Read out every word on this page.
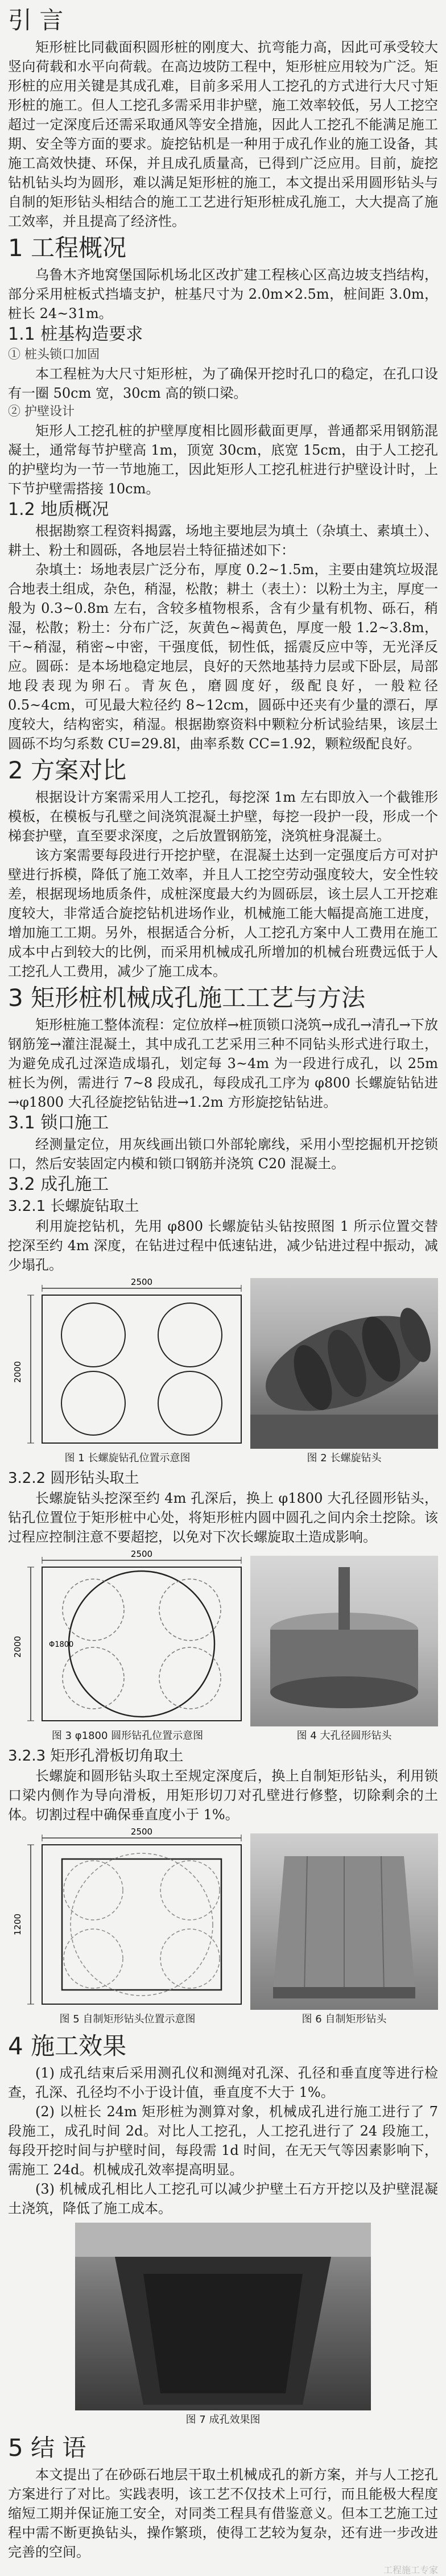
引 言

矩形桩比同截面积圆形桩的刚度大、抗弯能力高，因此可承受较大竖向荷载和水平向荷载。在高边坡防工程中，矩形桩应用较为广泛。矩形桩的应用关键是其成孔难，目前多采用人工挖孔的方式进行大尺寸矩形桩的施工。但人工挖孔多需采用非护壁，施工效率较低，另人工挖空超过一定深度后还需采取通风等安全措施，因此人工挖孔不能满足施工期、安全等方面的要求。旋挖钻机是一种用于成孔作业的施工设备，其施工高效快捷、环保，并且成孔质量高，已得到广泛应用。目前，旋挖钻机钻头均为圆形，难以满足矩形桩的施工，本文提出采用圆形钻头与自制的矩形钻头相结合的施工工艺进行矩形桩成孔施工，大大提高了施工效率，并且提高了经济性。

1 工程概况

乌鲁木齐地窝堡国际机场北区改扩建工程核心区高边坡支挡结构，部分采用桩板式挡墙支护，桩基尺寸为 2.0m×2.5m，桩间距 3.0m，桩长 24~31m。

1.1 桩基构造要求
① 桩头锁口加固

本工程桩为大尺寸矩形桩，为了确保开挖时孔口的稳定，在孔口设有一圈 50cm 宽，30cm 高的锁口梁。

② 护壁设计

矩形人工挖孔桩的护壁厚度相比圆形截面更厚，普通都采用钢筋混凝土，通常每节护壁高 1m，顶宽 30cm，底宽 15cm，由于人工挖孔的护壁均为一节一节地施工，因此矩形人工挖孔桩进行护壁设计时，上下节护壁需搭接 10cm。

1.2 地质概况

根据勘察工程资料揭露，场地主要地层为填土（杂填土、素填土）、耕土、粉土和圆砾，各地层岩土特征描述如下：

杂填土：场地表层广泛分布，厚度 0.2~1.5m，主要由建筑垃圾混合地表土组成，杂色，稍湿，松散；耕土（表土）：以粉土为主，厚度一般为 0.3~0.8m 左右，含较多植物根系，含有少量有机物、砾石，稍湿，松散；粉土：分布广泛，灰黄色~褐黄色，厚度一般 1.2~3.8m，干~稍湿，稍密~中密，干强度低，韧性低，摇震反应中等，无光泽反应。圆砾：是本场地稳定地层，良好的天然地基持力层或下卧层，局部地段表现为卵石。青灰色，磨圆度好，级配良好，一般粒径 0.5~4cm，可见最大粒径约 8~12cm，圆砾中还夹有少量的漂石，厚度较大，结构密实，稍湿。根据勘察资料中颗粒分析试验结果，该层土圆砾不均匀系数 CU=29.8l，曲率系数 CC=1.92，颗粒级配良好。

2 方案对比

根据设计方案需采用人工挖孔，每挖深 1m 左右即放入一个截锥形模板，在模板与孔壁之间浇筑混凝土护壁，每挖一段护一段，形成一个梯套护壁，直至要求深度，之后放置钢筋笼，浇筑桩身混凝土。

该方案需要每段进行开挖护壁，在混凝土达到一定强度后方可对护壁进行拆模，降低了施工效率，并且人工挖空劳动强度较大，安全性较差，根据现场地质条件，成桩深度最大约为圆砾层，该土层人工开挖难度较大，非常适合旋挖钻机进场作业，机械施工能大幅提高施工进度，增加施工工期。另外，根据适合分析，人工挖孔方案中人工费用在施工成本中占到较大的比例，而采用机械成孔所增加的机械台班费远低于人工挖孔人工费用，减少了施工成本。

3 矩形桩机械成孔施工工艺与方法

矩形桩施工整体流程：定位放样→桩顶锁口浇筑→成孔→清孔→下放钢筋笼→灌注混凝土，其中成孔工艺采用三种不同钻头形式进行取土，为避免成孔过深造成塌孔，划定每 3~4m 为一段进行成孔，以 25m 桩长为例，需进行 7~8 段成孔，每段成孔工序为 φ800 长螺旋钻钻进→φ1800 大孔径旋挖钻钻进→1.2m 方形旋挖钻钻进。

3.1 锁口施工

经测量定位，用灰线画出锁口外部轮廓线，采用小型挖掘机开挖锁口，然后安装固定内模和锁口钢筋并浇筑 C20 混凝土。

3.2 成孔施工
3.2.1 长螺旋钻取土

利用旋挖钻机，先用 φ800 长螺旋钻头钻按照图 1 所示位置交替挖深至约 4m 深度，在钻进过程中低速钻进，减少钻进过程中振动，减少塌孔。

2500
2000
图 1 长螺旋钻孔位置示意图	图 2 长螺旋钻头
3.2.2 圆形钻头取土

长螺旋钻头挖深至约 4m 孔深后，换上 φ1800 大孔径圆形钻头，钻孔位置位于矩形桩中心处，将矩形桩内圆中圆孔之间内余土挖除。该过程应控制注意不要超挖，以免对下次长螺旋取土造成影响。

2500
2000	Φ1800
图 3 φ1800 圆形钻孔位置示意图	图 4 大孔径圆形钻头
3.2.3 矩形孔滑板切角取土

长螺旋和圆形钻头取土至规定深度后，换上自制矩形钻头，利用锁口梁内侧作为导向滑板，用矩形切刀对孔壁进行修整，切除剩余的土体。切割过程中确保垂直度小于 1%。

2500
1200
图 5 自制矩形钻头位置示意图	图 6 自制矩形钻头
4 施工效果

(1) 成孔结束后采用测孔仪和测绳对孔深、孔径和垂直度等进行检查，孔深、孔径均不小于设计值，垂直度不大于 1%。

(2) 以桩长 24m 矩形桩为测算对象，机械成孔进行施工进行了 7 段施工，成孔时间 2d。对比人工挖孔，人工挖孔进行了 24 段施工，每段开挖时间与护壁时间，每段需 1d 时间，在无天气等因素影响下，需施工 24d。机械成孔效率提高明显。

(3) 机械成孔相比人工挖孔可以减少护壁土石方开挖以及护壁混凝土浇筑，降低了施工成本。

图 7 成孔效果图
5 结 语

本文提出了在砂砾石地层干取土机械成孔的新方案，并与人工挖孔方案进行了对比。实践表明，该工艺不仅技术上可行，而且能极大程度缩短工期并保证施工安全，对同类工程具有借鉴意义。但本工艺施工过程中需不断更换钻头，操作繁琐，使得工艺较为复杂，还有进一步改进完善的空间。

工程施工专家
